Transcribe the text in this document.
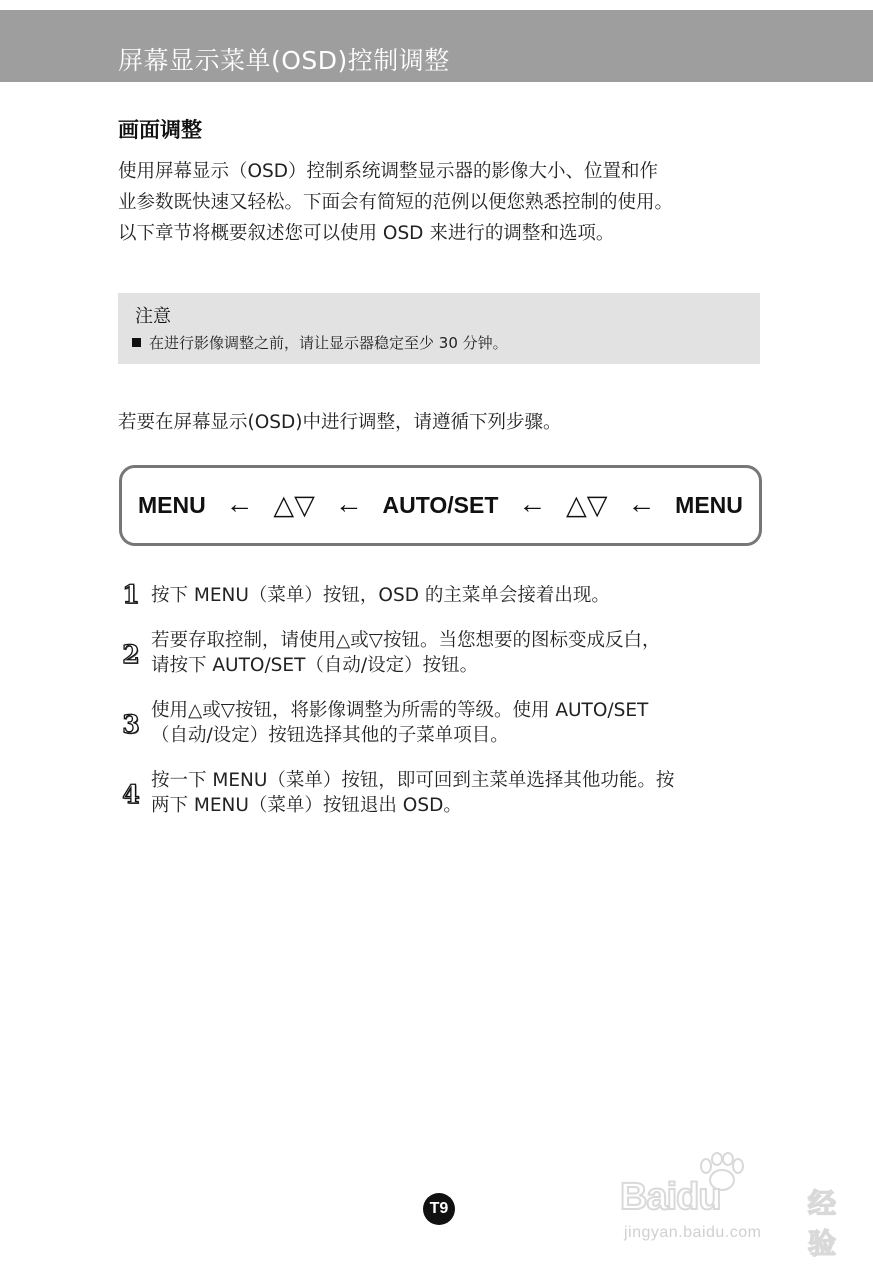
屏幕显示菜单(OSD)控制调整
画面调整
使用屏幕显示（OSD）控制系统调整显示器的影像大小、位置和作
业参数既快速又轻松。下面会有简短的范例以便您熟悉控制的使用。
以下章节将概要叙述您可以使用 OSD 来进行的调整和选项。
注意
在进行影像调整之前，请让显示器稳定至少 30 分钟。
若要在屏幕显示(OSD)中进行调整，请遵循下列步骤。
MENU ← △▽ ← AUTO/SET ← △▽ ← MENU
1 按下 MENU（菜单）按钮，OSD 的主菜单会接着出现。
2 若要存取控制，请使用△或▽按钮。当您想要的图标变成反白，
请按下 AUTO/SET（自动/设定）按钮。
3 使用△或▽按钮，将影像调整为所需的等级。使用 AUTO/SET
（自动/设定）按钮选择其他的子菜单项目。
4 按一下 MENU（菜单）按钮，即可回到主菜单选择其他功能。按
两下 MENU（菜单）按钮退出 OSD。
Baidu	经验
jingyan.baidu.com
T9
